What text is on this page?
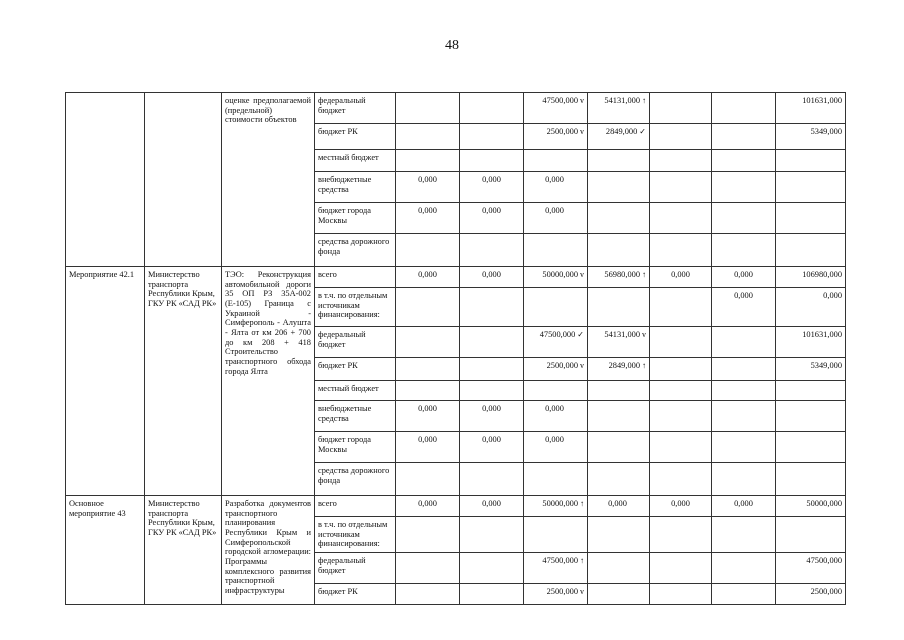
48
		оценке предполагаемой (предельной) стоимости объектов	федеральный бюджет			47500,000 v	54131,000 ↑			101631,000
			бюджет РК			2500,000 v	2849,000 ✓			5349,000
			местный бюджет							
			внебюджетные средства	0,000	0,000	0,000				
			бюджет города Москвы	0,000	0,000	0,000				
			средства дорожного фонда							
Мероприятие 42.1	Министерство транспорта Республики Крым, ГКУ РК «САД РК»	ТЭО: Реконструкция автомобильной дороги 35 ОП РЗ 35А-002 (Е-105) Граница с Украиной - Симферополь - Алушта - Ялта от км 206 + 700 до км 208 + 418 Строительство транспортного обхода города Ялта	всего	0,000	0,000	50000,000 v	56980,000 ↑	0,000	0,000	106980,000
			в т.ч. по отдельным источникам финансирования:						0,000	0,000
			федеральный бюджет			47500,000 ✓	54131,000 v			101631,000
			бюджет РК			2500,000 v	2849,000 ↑			5349,000
			местный бюджет							
			внебюджетные средства	0,000	0,000	0,000				
			бюджет города Москвы	0,000	0,000	0,000				
			средства дорожного фонда							
Основное мероприятие 43	Министерство транспорта Республики Крым, ГКУ РК «САД РК»	Разработка документов транспортного планирования Республики Крым и Симферопольской городской агломерации: Программы комплексного развития транспортной инфраструктуры	всего	0,000	0,000	50000,000 ↑	0,000	0,000	0,000	50000,000
			в т.ч. по отдельным источникам финансирования:							
			федеральный бюджет			47500,000 ↑				47500,000
			бюджет РК			2500,000 v				2500,000
